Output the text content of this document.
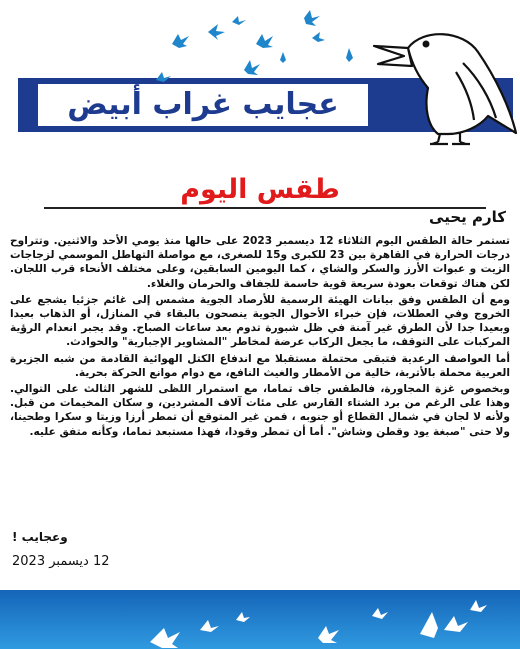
عجايب غراب أبيض
طقس اليوم
كارم يحيى

تستمر حالة الطقس اليوم الثلاثاء 12 ديسمبر 2023 على حالها منذ يومي الأحد والاثنين. وتتراوح درجات الحرارة في القاهرة بين 23 للكبرى و15 للصغرى، مع مواصلة التهاطل الموسمي لزجاجات الزيت و عبوات الأرز والسكر والشاي ، كما اليومين السابقين، وعلى مختلف الأنحاء قرب اللجان. لكن هناك توقعات بعودة سريعة قوية حاسمة للجفاف والحرمان والغلاء.

ومع أن الطقس وفق بيانات الهيئة الرسمية للأرصاد الجوية مشمس إلى غائم جزئيا يشجع على الخروج وفي العطلات، فإن خبراء الأحوال الجوية ينصحون بالبقاء في المنازل، أو الذهاب بعيدا وبعيدا جدا لأن الطرق غير آمنة في ظل شبورة تدوم بعد ساعات الصباح. وقد يجبر انعدام الرؤية المركبات على التوقف، ما يجعل الركاب عرضة لمخاطر "المشاوير الإجبارية" والحوادث.

أما العواصف الرعدية فتبقى محتملة مستقبلا مع اندفاع الكتل الهوائية القادمة من شبه الجزيرة العربية محملة بالأتربة، خالية من الأمطار والغيث النافع، مع دوام موانع الحركة بحرية.

وبخصوص غزة المجاورة، فالطقس جاف تماما، مع استمرار اللظى للشهر الثالث على التوالي. وهذا على الرغم من برد الشتاء القارس على مئات آلاف المشردين، و سكان المخيمات من قبل. ولأنه لا لجان في شمال القطاع أو جنوبه ، فمن غير المتوقع أن تمطر أرزا وزيتا و سكرا وطحينا، ولا حتى "صبغة يود وقطن وشاش". أما أن تمطر وقودا، فهذا مستبعد تماما، وكأنه متفق عليه.

وعجايب !
12 ديسمبر 2023
